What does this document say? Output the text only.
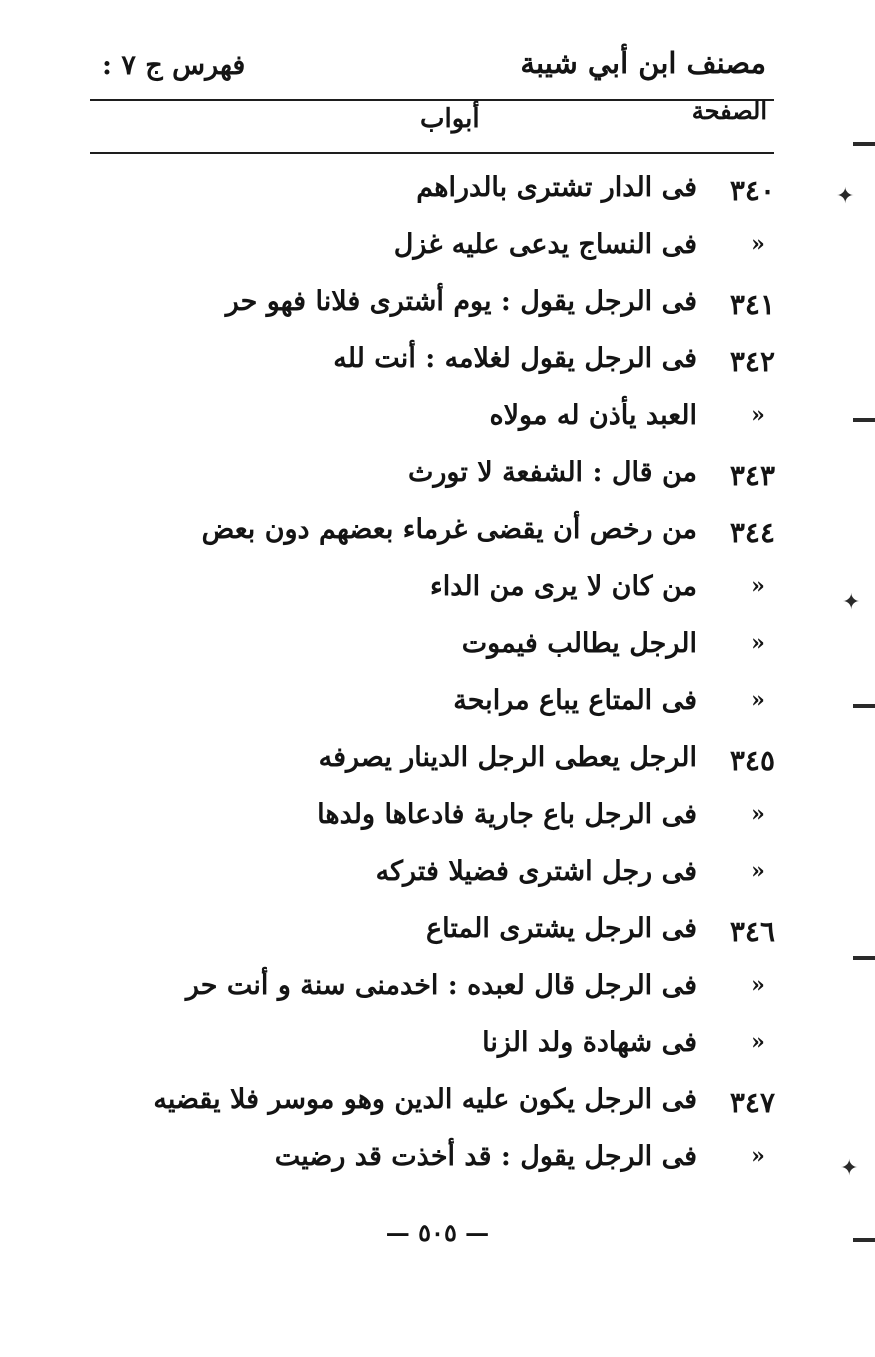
مصنف ابن أبي شيبة
فهرس ج ٧ :
الصفحة
أبواب
٣٤٠
فى الدار تشترى بالدراهم
«
فى النساج يدعى عليه غزل
٣٤١
فى الرجل يقول : يوم أشترى فلانا فهو حر
٣٤٢
فى الرجل يقول لغلامه : أنت لله
«
العبد يأذن له مولاه
٣٤٣
من قال : الشفعة لا تورث
٣٤٤
من رخص أن يقضى غرماء بعضهم دون بعض
«
من كان لا يرى من الداء
«
الرجل يطالب فيموت
«
فى المتاع يباع مرابحة
٣٤٥
الرجل يعطى الرجل الدينار يصرفه
«
فى الرجل باع جارية فادعاها ولدها
«
فى رجل اشترى فضيلا فتركه
٣٤٦
فى الرجل يشترى المتاع
«
فى الرجل قال لعبده : اخدمنى سنة و أنت حر
«
فى شهادة ولد الزنا
٣٤٧
فى الرجل يكون عليه الدين وهو موسر فلا يقضيه
«
فى الرجل يقول : قد أخذت قد رضيت
— ٥٠٥ —
✦
✦
✦
